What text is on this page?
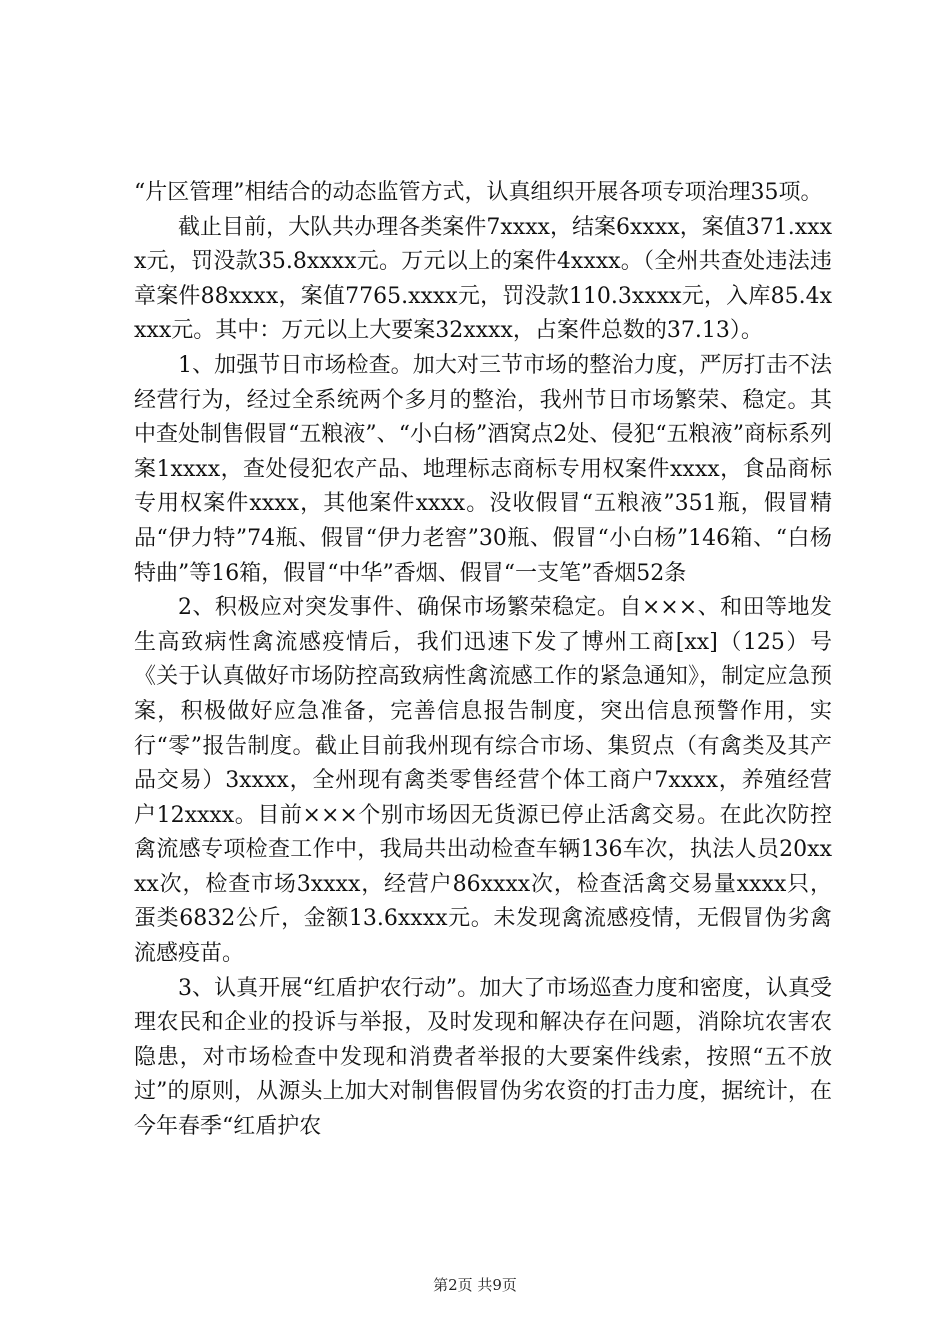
“片区管理”相结合的动态监管方式，认真组织开展各项专项治理35项。

截止目前，大队共办理各类案件7xxxx，结案6xxxx，案值371.xxxx元，罚没款35.8xxxx元。万元以上的案件4xxxx。（全州共查处违法违章案件88xxxx，案值7765.xxxx元，罚没款110.3xxxx元，入库85.4xxxx元。其中：万元以上大要案32xxxx，占案件总数的37.13）。

1、加强节日市场检查。加大对三节市场的整治力度，严厉打击不法经营行为，经过全系统两个多月的整治，我州节日市场繁荣、稳定。其中查处制售假冒“五粮液”、“小白杨”酒窝点2处、侵犯“五粮液”商标系列案1xxxx，查处侵犯农产品、地理标志商标专用权案件xxxx，食品商标专用权案件xxxx，其他案件xxxx。没收假冒“五粮液”351瓶，假冒精品“伊力特”74瓶、假冒“伊力老窖”30瓶、假冒“小白杨”146箱、“白杨特曲”等16箱，假冒“中华”香烟、假冒“一支笔”香烟52条

2、积极应对突发事件、确保市场繁荣稳定。自×××、和田等地发生高致病性禽流感疫情后，我们迅速下发了博州工商[xx]（125）号《关于认真做好市场防控高致病性禽流感工作的紧急通知》，制定应急预案，积极做好应急准备，完善信息报告制度，突出信息预警作用，实行“零”报告制度。截止目前我州现有综合市场、集贸点（有禽类及其产品交易）3xxxx，全州现有禽类零售经营个体工商户7xxxx，养殖经营户12xxxx。目前×××个别市场因无货源已停止活禽交易。在此次防控禽流感专项检查工作中，我局共出动检查车辆136车次，执法人员20xxxx次，检查市场3xxxx，经营户86xxxx次，检查活禽交易量xxxx只，蛋类6832公斤，金额13.6xxxx元。未发现禽流感疫情，无假冒伪劣禽流感疫苗。

3、认真开展“红盾护农行动”。加大了市场巡查力度和密度，认真受理农民和企业的投诉与举报，及时发现和解决存在问题，消除坑农害农隐患，对市场检查中发现和消费者举报的大要案件线索，按照“五不放过”的原则，从源头上加大对制售假冒伪劣农资的打击力度，据统计，在今年春季“红盾护农

第2页 共9页
